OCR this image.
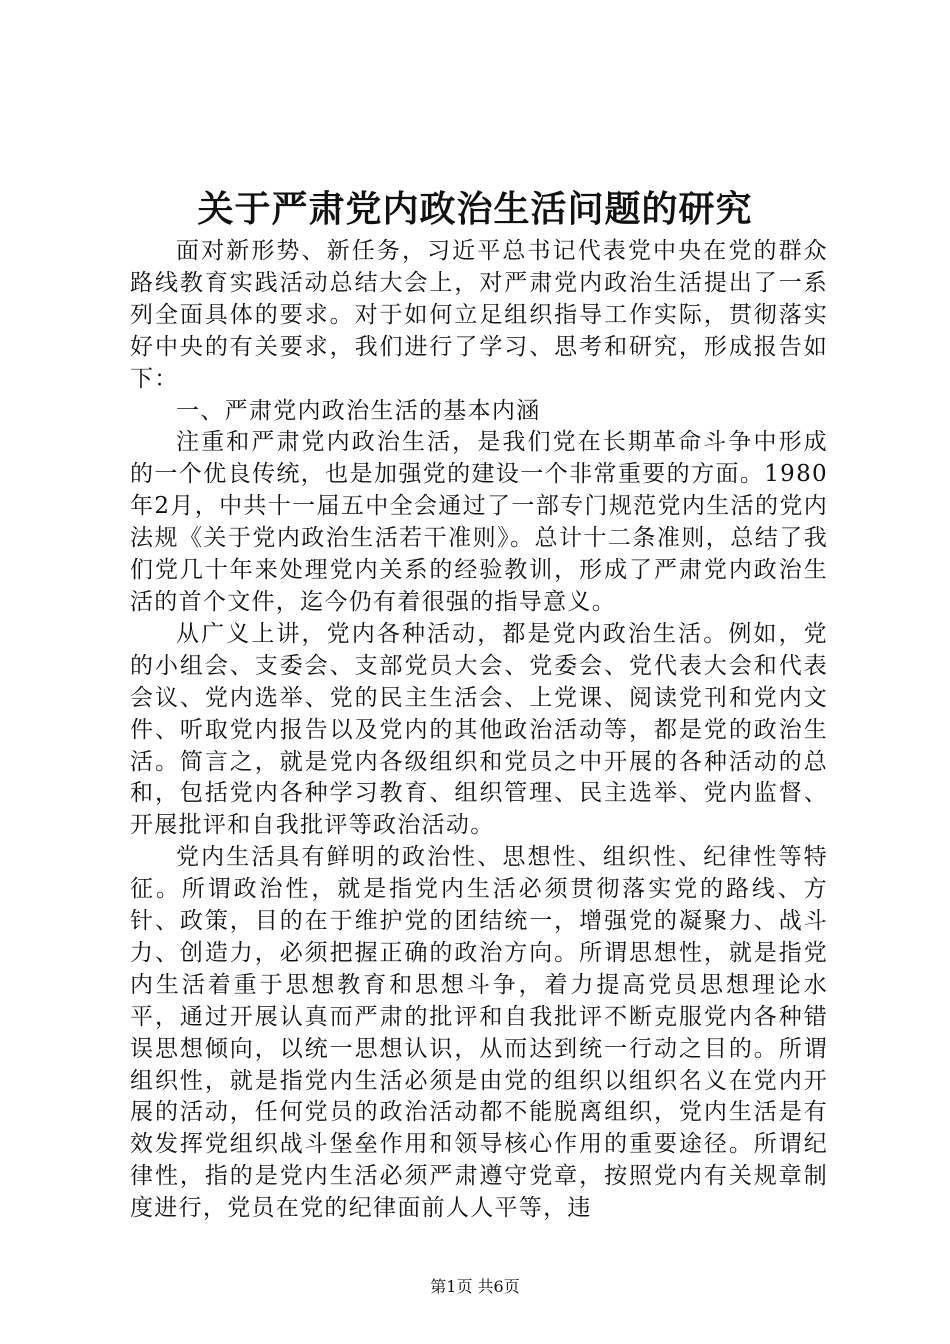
关于严肃党内政治生活问题的研究

面对新形势、新任务，习近平总书记代表党中央在党的群众路线教育实践活动总结大会上，对严肃党内政治生活提出了一系列全面具体的要求。对于如何立足组织指导工作实际，贯彻落实好中央的有关要求，我们进行了学习、思考和研究，形成报告如下：

一、严肃党内政治生活的基本内涵

注重和严肃党内政治生活，是我们党在长期革命斗争中形成的一个优良传统，也是加强党的建设一个非常重要的方面。1980年2月，中共十一届五中全会通过了一部专门规范党内生活的党内法规《关于党内政治生活若干准则》。总计十二条准则，总结了我们党几十年来处理党内关系的经验教训，形成了严肃党内政治生活的首个文件，迄今仍有着很强的指导意义。

从广义上讲，党内各种活动，都是党内政治生活。例如，党的小组会、支委会、支部党员大会、党委会、党代表大会和代表会议、党内选举、党的民主生活会、上党课、阅读党刊和党内文件、听取党内报告以及党内的其他政治活动等，都是党的政治生活。简言之，就是党内各级组织和党员之中开展的各种活动的总和，包括党内各种学习教育、组织管理、民主选举、党内监督、开展批评和自我批评等政治活动。

党内生活具有鲜明的政治性、思想性、组织性、纪律性等特征。所谓政治性，就是指党内生活必须贯彻落实党的路线、方针、政策，目的在于维护党的团结统一，增强党的凝聚力、战斗力、创造力，必须把握正确的政治方向。所谓思想性，就是指党内生活着重于思想教育和思想斗争，着力提高党员思想理论水平，通过开展认真而严肃的批评和自我批评不断克服党内各种错误思想倾向，以统一思想认识，从而达到统一行动之目的。所谓组织性，就是指党内生活必须是由党的组织以组织名义在党内开展的活动，任何党员的政治活动都不能脱离组织，党内生活是有效发挥党组织战斗堡垒作用和领导核心作用的重要途径。所谓纪律性，指的是党内生活必须严肃遵守党章，按照党内有关规章制度进行，党员在党的纪律面前人人平等，违

第1页 共6页
